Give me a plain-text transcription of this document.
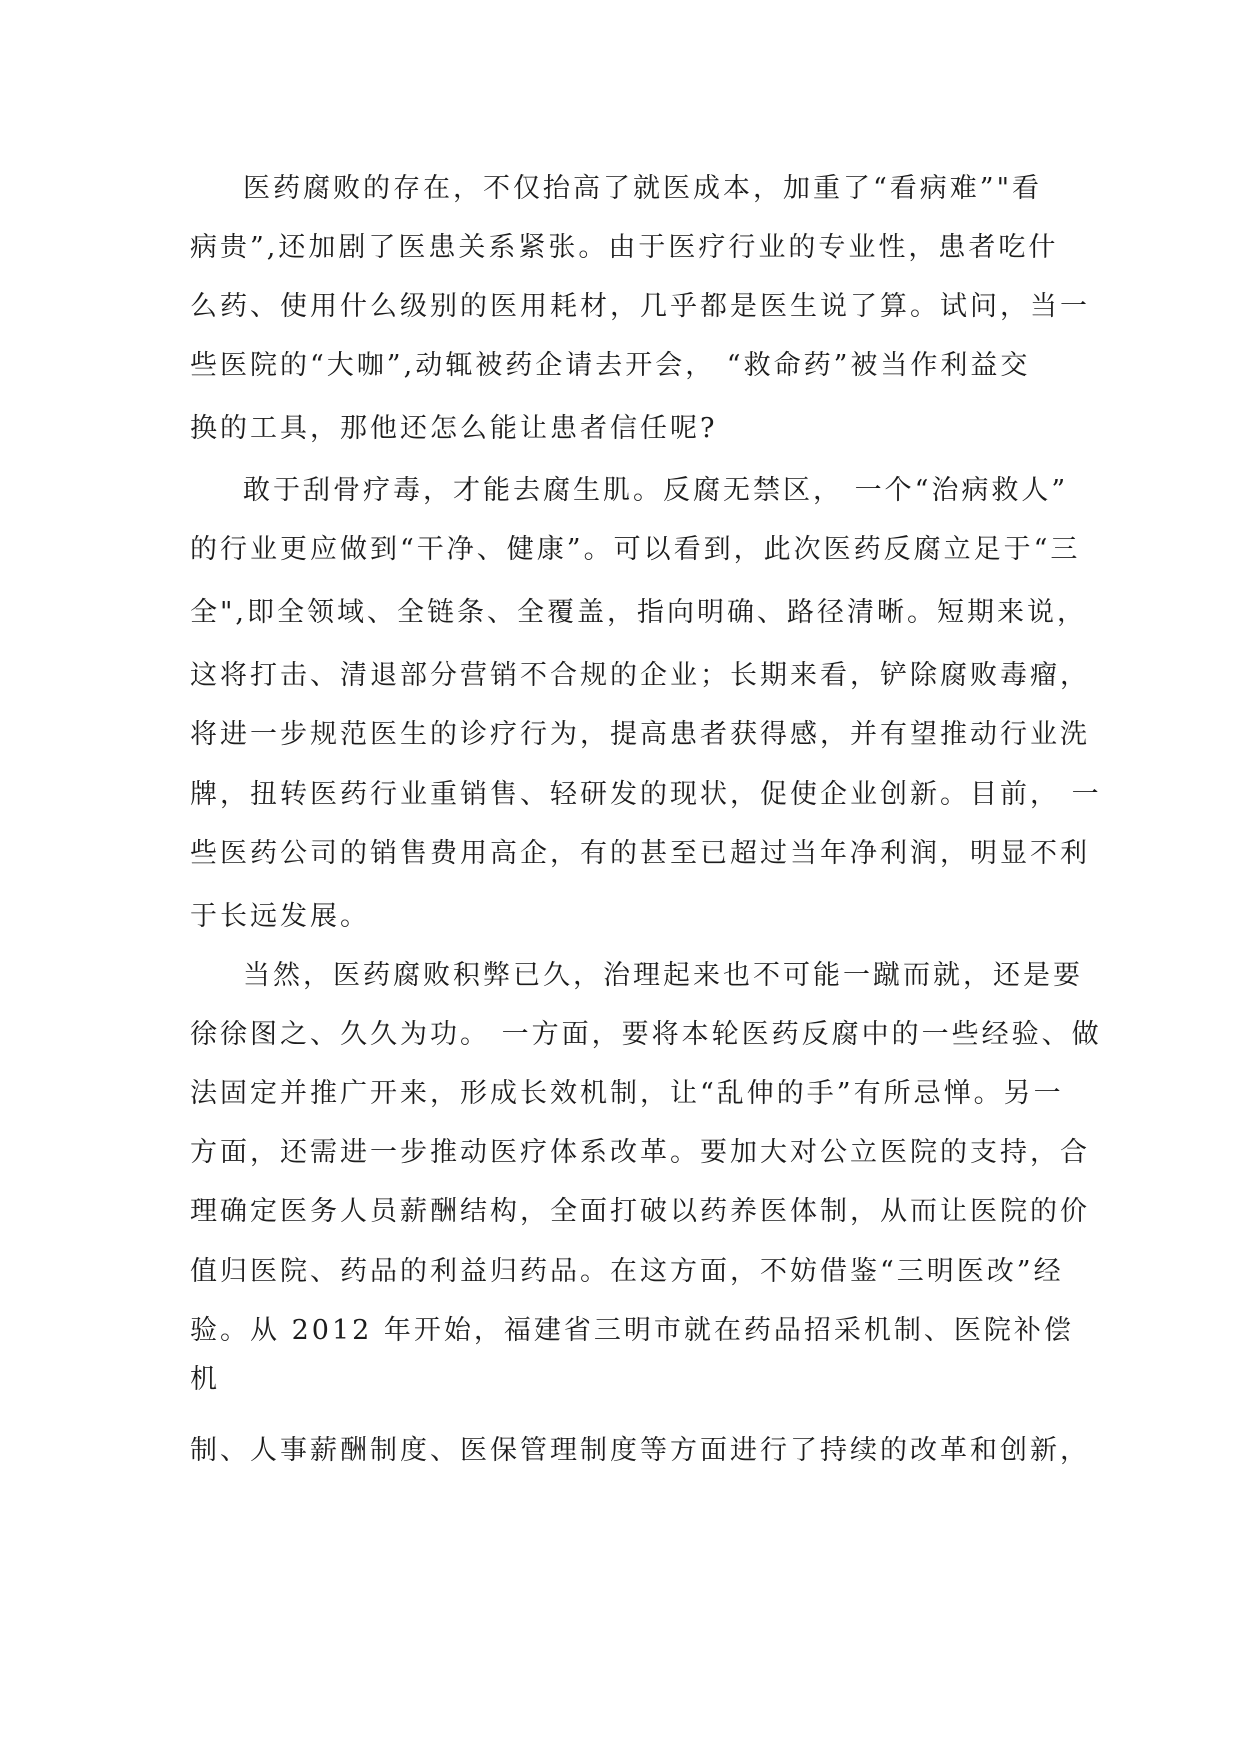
医药腐败的存在，不仅抬高了就医成本，加重了“看病难”"看
病贵”,还加剧了医患关系紧张。由于医疗行业的专业性，患者吃什
么药、使用什么级别的医用耗材，几乎都是医生说了算。试问，当一
些医院的“大咖”,动辄被药企请去开会， “救命药”被当作利益交
换的工具，那他还怎么能让患者信任呢?
敢于刮骨疗毒，才能去腐生肌。反腐无禁区， 一个“治病救人”
的行业更应做到“干净、健康”。可以看到，此次医药反腐立足于“三
全",即全领域、全链条、全覆盖，指向明确、路径清晰。短期来说，
这将打击、清退部分营销不合规的企业；长期来看，铲除腐败毒瘤，
将进一步规范医生的诊疗行为，提高患者获得感，并有望推动行业洗
牌，扭转医药行业重销售、轻研发的现状，促使企业创新。目前， 一
些医药公司的销售费用高企，有的甚至已超过当年净利润，明显不利
于长远发展。
当然，医药腐败积弊已久，治理起来也不可能一蹴而就，还是要
徐徐图之、久久为功。 一方面，要将本轮医药反腐中的一些经验、做
法固定并推广开来，形成长效机制，让“乱伸的手”有所忌惮。另一
方面，还需进一步推动医疗体系改革。要加大对公立医院的支持，合
理确定医务人员薪酬结构，全面打破以药养医体制，从而让医院的价
值归医院、药品的利益归药品。在这方面，不妨借鉴“三明医改”经
验。从 2012 年开始，福建省三明市就在药品招采机制、医院补偿
机
制、人事薪酬制度、医保管理制度等方面进行了持续的改革和创新，
